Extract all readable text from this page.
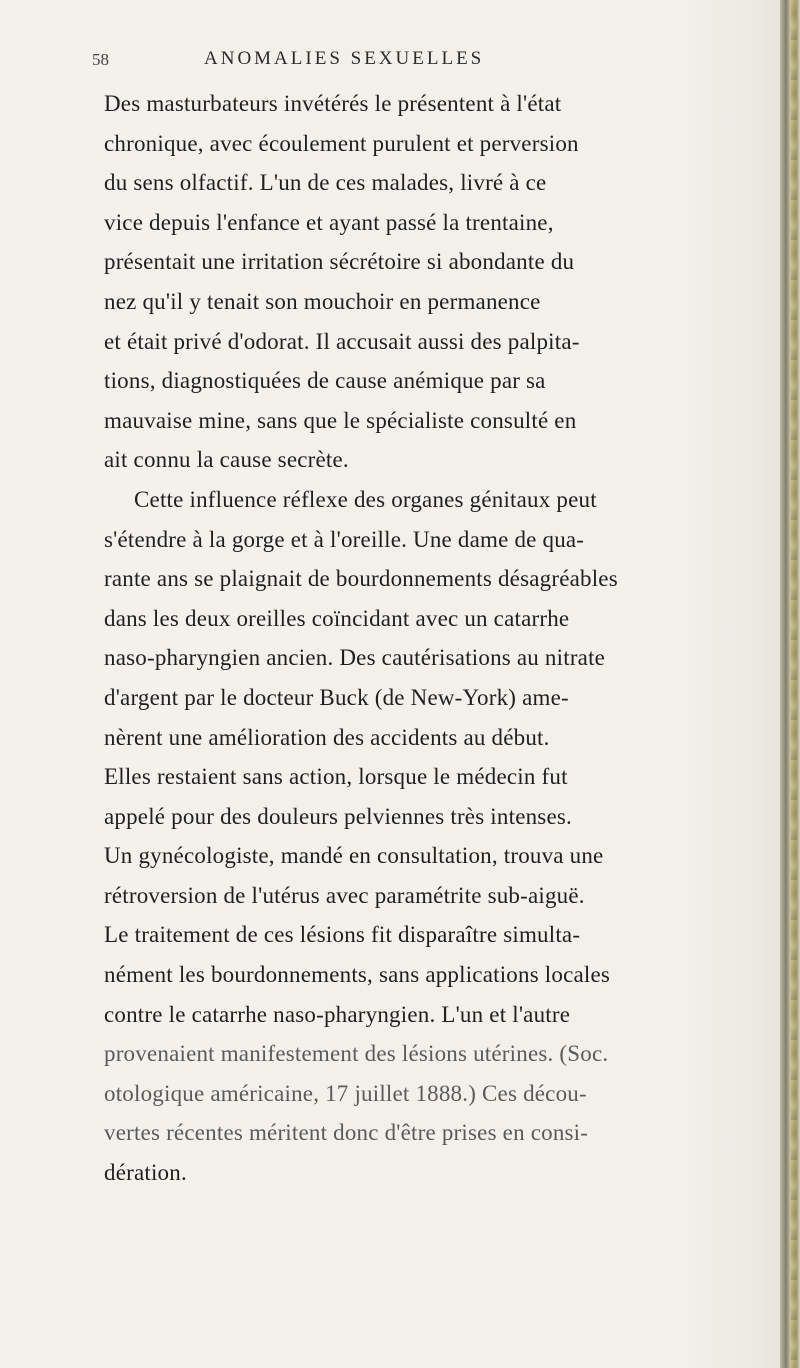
58	ANOMALIES SEXUELLES
Des masturbateurs invétérés le présentent à l'état
chronique, avec écoulement purulent et perversion
du sens olfactif. L'un de ces malades, livré à ce
vice depuis l'enfance et ayant passé la trentaine,
présentait une irritation sécrétoire si abondante du
nez qu'il y tenait son mouchoir en permanence
et était privé d'odorat. Il accusait aussi des palpita-
tions, diagnostiquées de cause anémique par sa
mauvaise mine, sans que le spécialiste consulté en
ait connu la cause secrète.
Cette influence réflexe des organes génitaux peut
s'étendre à la gorge et à l'oreille. Une dame de qua-
rante ans se plaignait de bourdonnements désagréables
dans les deux oreilles coïncidant avec un catarrhe
naso-pharyngien ancien. Des cautérisations au nitrate
d'argent par le docteur Buck (de New-York) ame-
nèrent une amélioration des accidents au début.
Elles restaient sans action, lorsque le médecin fut
appelé pour des douleurs pelviennes très intenses.
Un gynécologiste, mandé en consultation, trouva une
rétroversion de l'utérus avec paramétrite sub-aiguë.
Le traitement de ces lésions fit disparaître simulta-
nément les bourdonnements, sans applications locales
contre le catarrhe naso-pharyngien. L'un et l'autre
provenaient manifestement des lésions utérines. (Soc.
otologique américaine, 17 juillet 1888.) Ces décou-
vertes récentes méritent donc d'être prises en consi-
dération.
